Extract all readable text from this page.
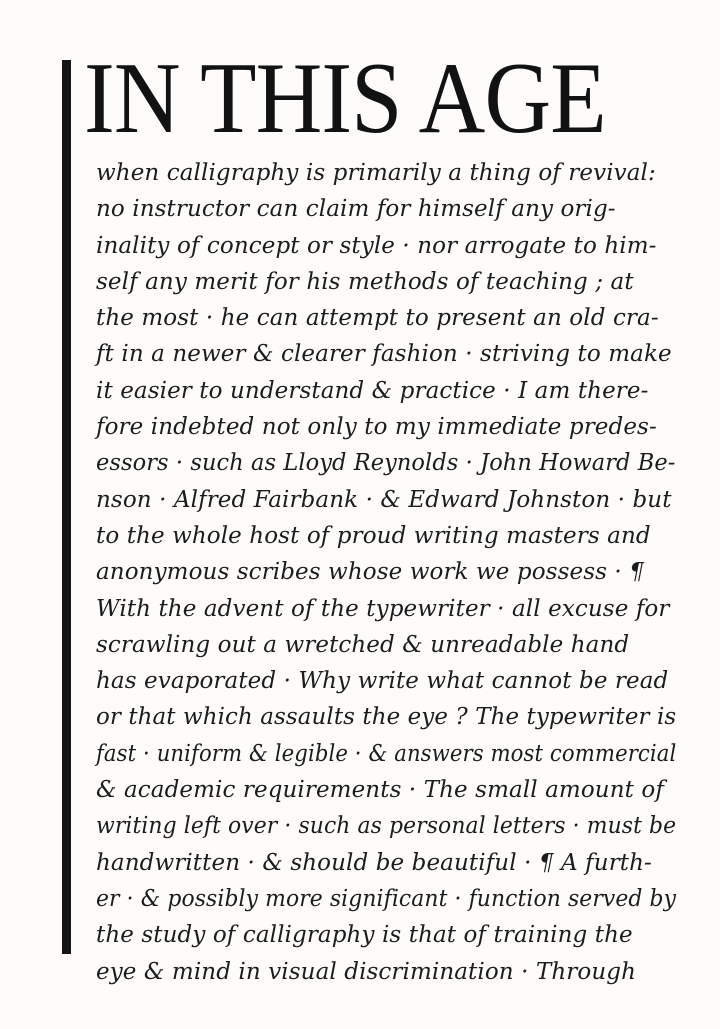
IN THIS AGE
when calligraphy is primarily a thing of revival:
no instructor can claim for himself any orig-
inality of concept or style · nor arrogate to him-
self any merit for his methods of teaching ; at
the most · he can attempt to present an old cra-
ft in a newer & clearer fashion · striving to make
it easier to understand & practice · I am there-
fore indebted not only to my immediate predes-
essors · such as Lloyd Reynolds · John Howard Be-
nson · Alfred Fairbank · & Edward Johnston · but
to the whole host of proud writing masters and
anonymous scribes whose work we possess · ¶
With the advent of the typewriter · all excuse for
scrawling out a wretched & unreadable hand
has evaporated · Why write what cannot be read
or that which assaults the eye ? The typewriter is
fast · uniform & legible · & answers most commercial
& academic requirements · The small amount of
writing left over · such as personal letters · must be
handwritten · & should be beautiful · ¶ A furth-
er · & possibly more significant · function served by
the study of calligraphy is that of training the
eye & mind in visual discrimination · Through
